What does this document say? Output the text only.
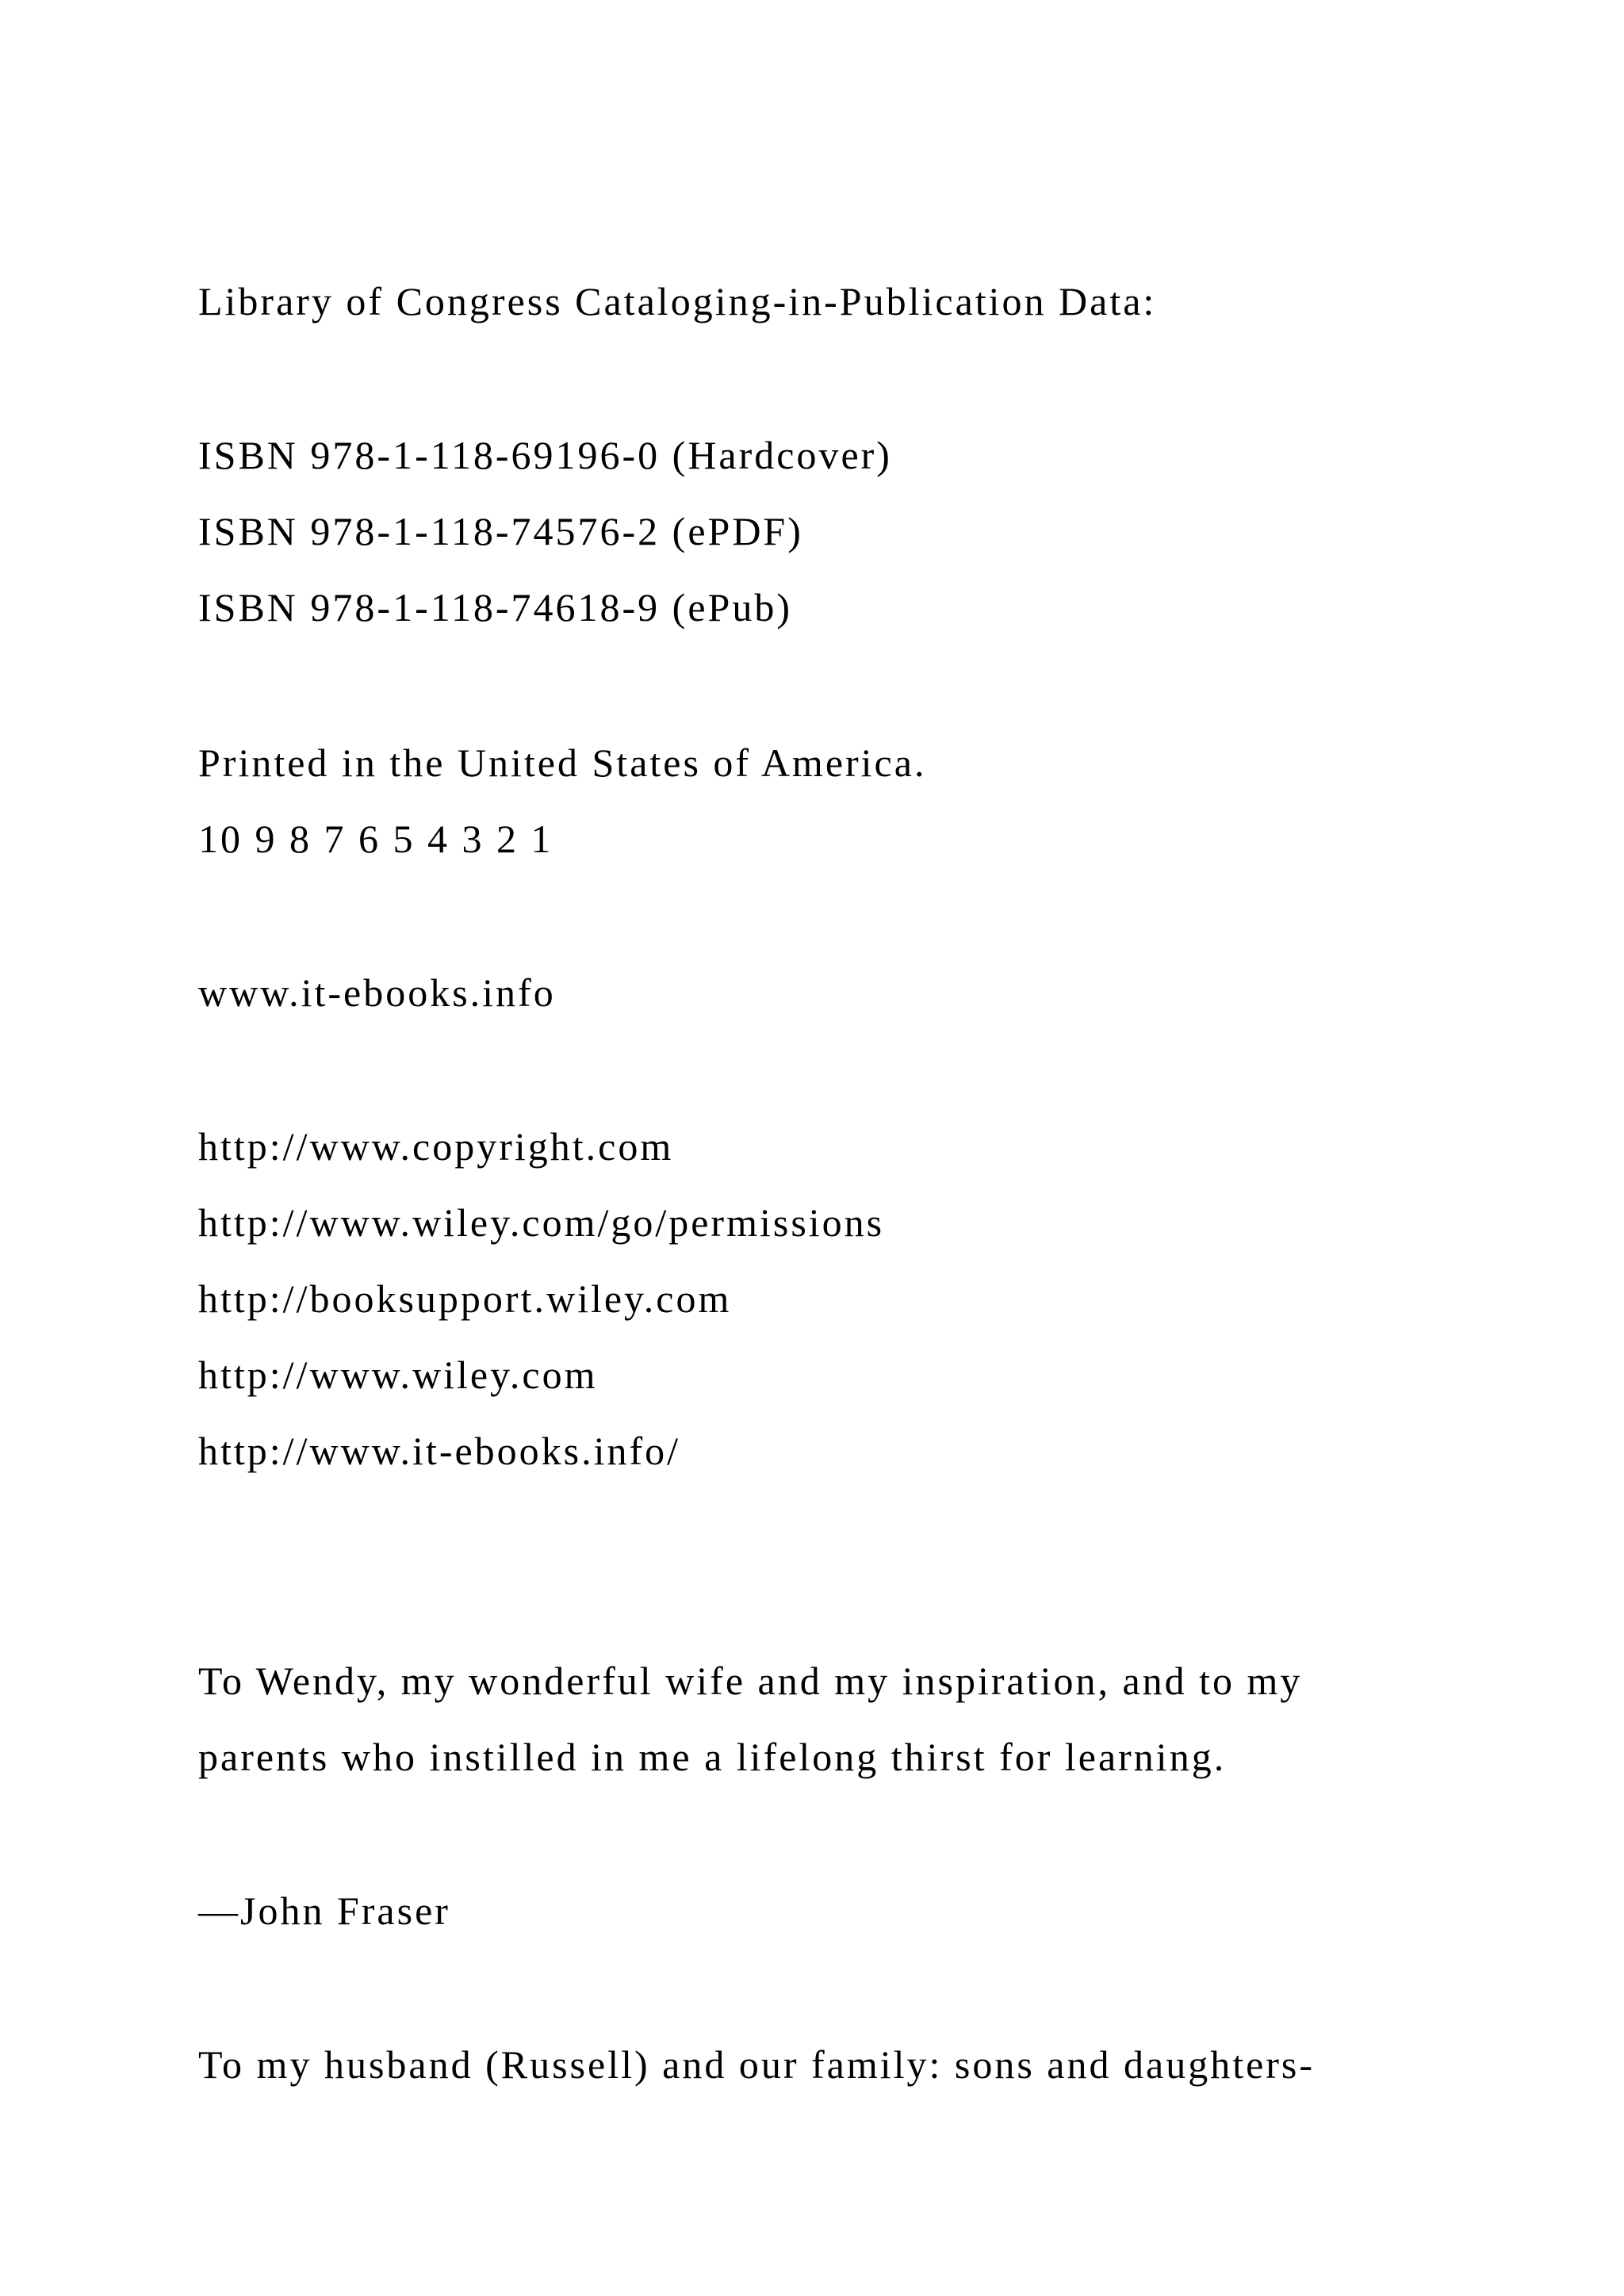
Library of Congress Cataloging-in-Publication Data:

ISBN 978-1-118-69196-0 (Hardcover)

ISBN 978-1-118-74576-2 (ePDF)

ISBN 978-1-118-74618-9 (ePub)

Printed in the United States of America.

10 9 8 7 6 5 4 3 2 1

www.it-ebooks.info
http://www.copyright.com
http://www.wiley.com/go/permissions
http://booksupport.wiley.com
http://www.wiley.com
http://www.it-ebooks.info/

To Wendy, my wonderful wife and my inspiration, and to my

parents who instilled in me a lifelong thirst for learning.

—John Fraser

To my husband (Russell) and our family: sons and daughters-
